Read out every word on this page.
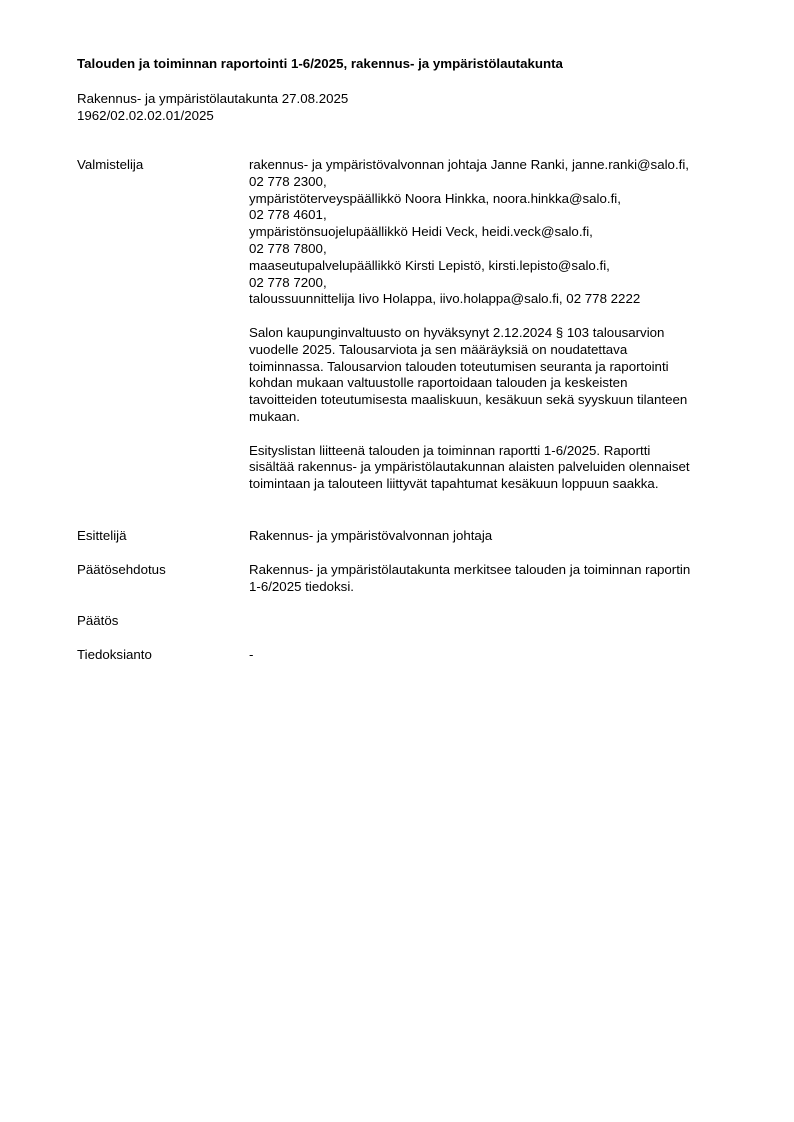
Talouden ja toiminnan raportointi 1-6/2025, rakennus- ja ympäristölautakunta
Rakennus- ja ympäristölautakunta 27.08.2025
1962/02.02.02.01/2025
Valmistelija	rakennus- ja ympäristövalvonnan johtaja Janne Ranki, janne.ranki@salo.fi,
02 778 2300,
ympäristöterveyspäällikkö Noora Hinkka, noora.hinkka@salo.fi,
02 778 4601,
ympäristönsuojelupäällikkö Heidi Veck, heidi.veck@salo.fi,
02 778 7800,
maaseutupalvelupäällikkö Kirsti Lepistö, kirsti.lepisto@salo.fi,
02 778 7200,
taloussuunnittelija Iivo Holappa, iivo.holappa@salo.fi, 02 778 2222
Salon kaupunginvaltuusto on hyväksynyt 2.12.2024 § 103 talousarvion
vuodelle 2025. Talousarviota ja sen määräyksiä on noudatettava
toiminnassa. Talousarvion talouden toteutumisen seuranta ja raportointi
kohdan mukaan valtuustolle raportoidaan talouden ja keskeisten
tavoitteiden toteutumisesta maaliskuun, kesäkuun sekä syyskuun tilanteen
mukaan.
Esityslistan liitteenä talouden ja toiminnan raportti 1-6/2025. Raportti
sisältää rakennus- ja ympäristölautakunnan alaisten palveluiden olennaiset
toimintaan ja talouteen liittyvät tapahtumat kesäkuun loppuun saakka.
Esittelijä	Rakennus- ja ympäristövalvonnan johtaja
Päätösehdotus	Rakennus- ja ympäristölautakunta merkitsee talouden ja toiminnan raportin
1-6/2025 tiedoksi.
Päätös
Tiedoksianto	-
